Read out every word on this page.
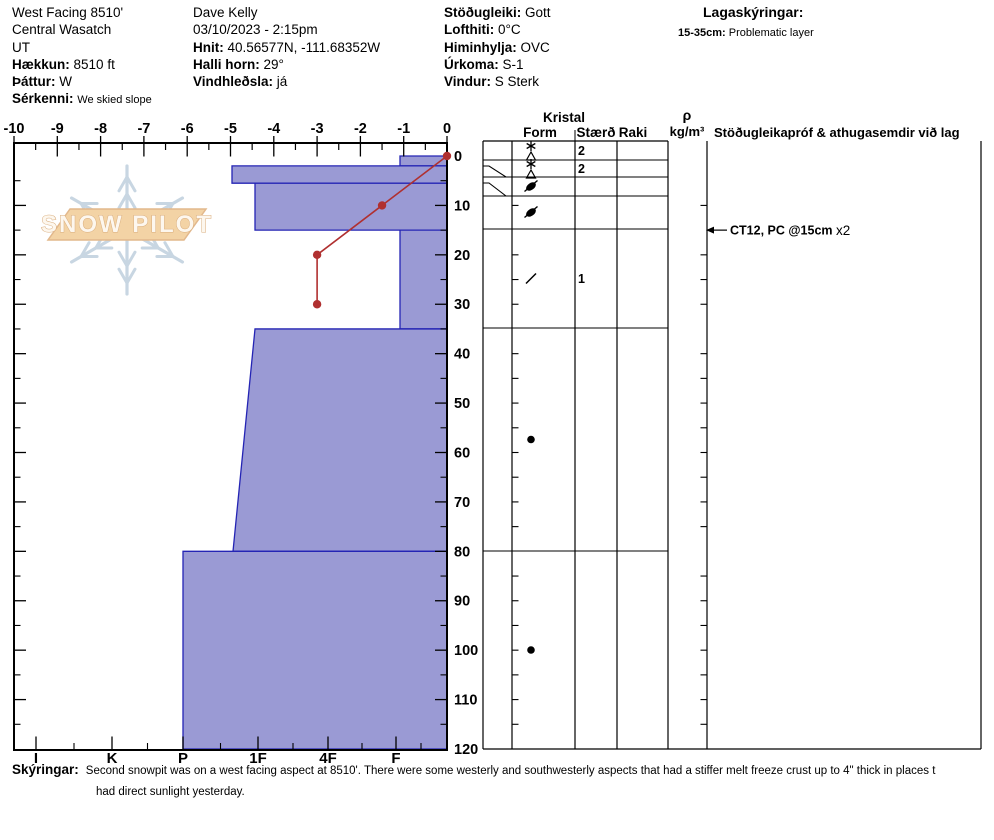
West Facing 8510'
Central Wasatch
UT
Hækkun: 8510 ft
Þáttur: W
Sérkenni: We skied slope
Dave Kelly
03/10/2023 - 2:15pm
Hnit: 40.56577N, -111.68352W
Halli horn: 29°
Vindhleðsla: já
Stöðugleiki: Gott
Lofthiti: 0°C
Himinhylja: OVC
Úrkoma: S-1
Vindur: S Sterk
Lagaskýringar:
15-35cm: Problematic layer
SNOW PILOT
-10 -9 -8 -7 -6 -5 -4 -3 -2 -1 0
0
10
20
30
40
50
60
70
80
90
100
110
120
I	K	P	1F	4F	F
2
2
1
CT12, PC @15cm x2
Kristal
Form Stærð Raki
ρ
kg/m³ Stöðugleikapróf & athugasemdir við lag
Skýringar: Second snowpit was on a west facing aspect at 8510'. There were some westerly and southwesterly aspects that had a stiffer melt freeze crust up to 4" thick in places t
had direct sunlight yesterday.
